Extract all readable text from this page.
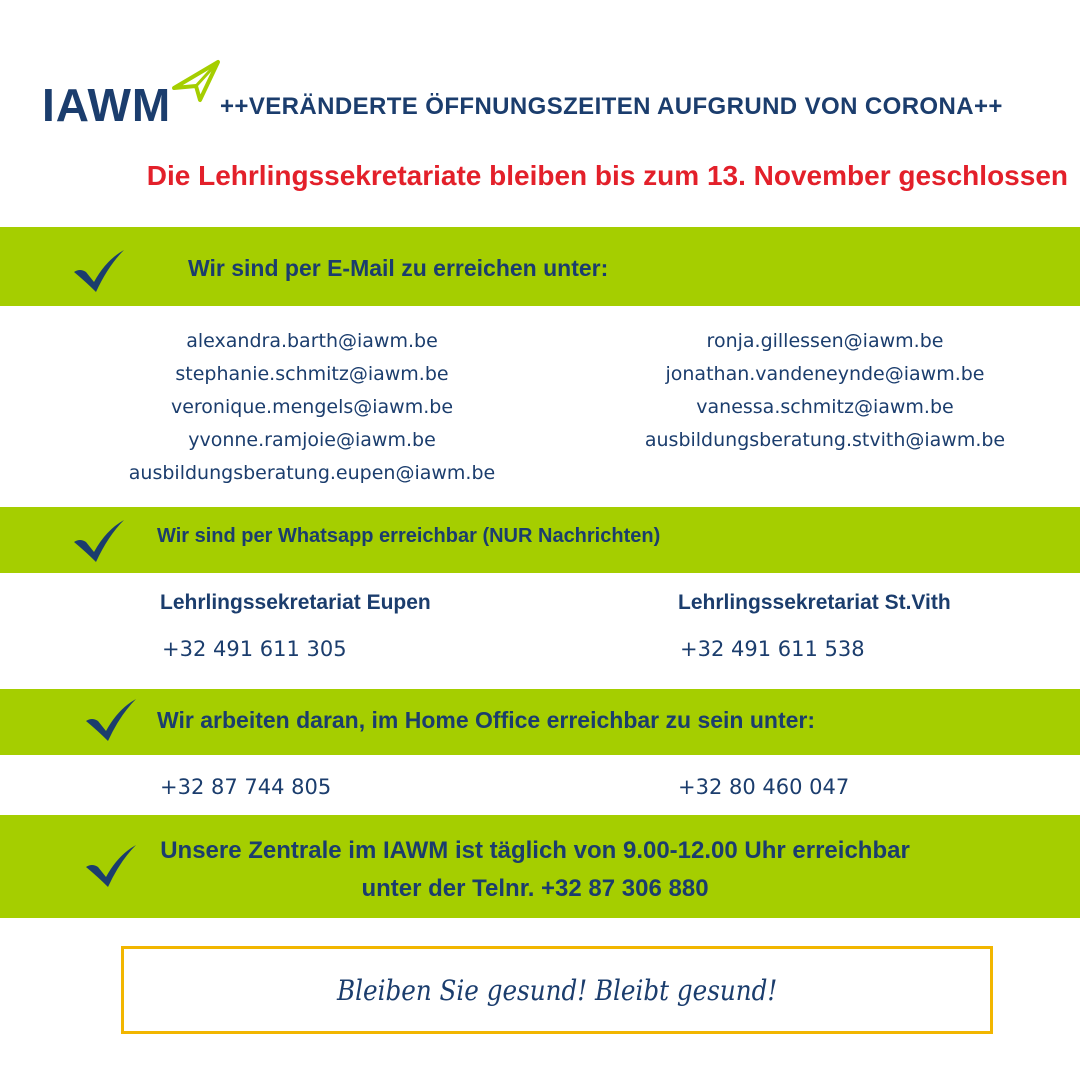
IAWM ++VERÄNDERTE ÖFFNUNGSZEITEN AUFGRUND VON CORONA++
Die Lehrlingssekretariate bleiben bis zum 13. November geschlossen
Wir sind per E-Mail zu erreichen unter:
alexandra.barth@iawm.be
stephanie.schmitz@iawm.be
veronique.mengels@iawm.be
yvonne.ramjoie@iawm.be
ausbildungsberatung.eupen@iawm.be
ronja.gillessen@iawm.be
jonathan.vandeneynde@iawm.be
vanessa.schmitz@iawm.be
ausbildungsberatung.stvith@iawm.be
Wir sind per Whatsapp erreichbar (NUR Nachrichten)
Lehrlingssekretariat Eupen
+32 491 611 305
Lehrlingssekretariat St.Vith
+32 491 611 538
Wir arbeiten daran, im Home Office erreichbar zu sein unter:
+32 87 744 805	+32 80 460 047
Unsere Zentrale im IAWM ist täglich von 9.00-12.00 Uhr erreichbar
unter der Telnr. +32 87 306 880
Bleiben Sie gesund! Bleibt gesund!
